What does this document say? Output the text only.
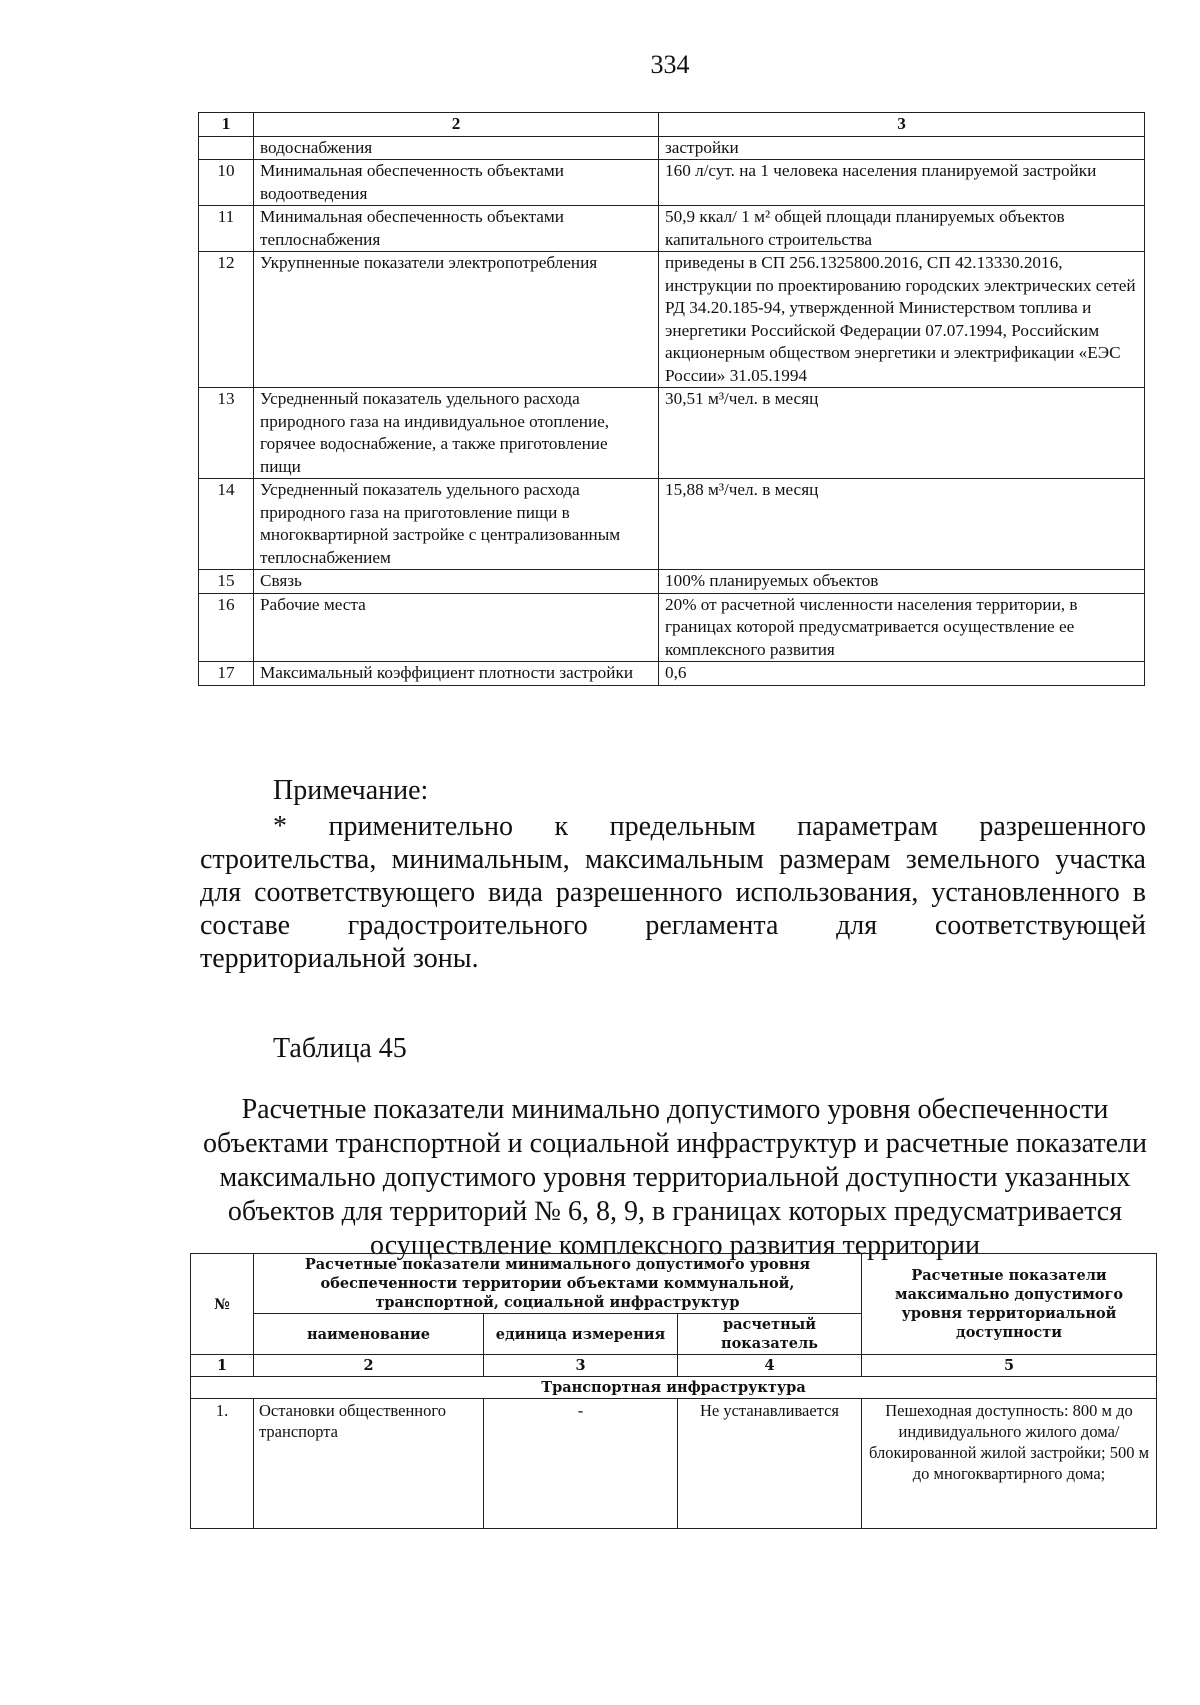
334
1	2	3
	водоснабжения	застройки
10	Минимальная обеспеченность объектами водоотведения	160 л/сут. на 1 человека населения планируемой застройки
11	Минимальная обеспеченность объектами теплоснабжения	50,9 ккал/ 1 м² общей площади планируемых объектов капитального строительства
12	Укрупненные показатели электропотребления	приведены в СП 256.1325800.2016, СП 42.13330.2016, инструкции по проектированию городских электрических сетей РД 34.20.185-94, утвержденной Министерством топлива и энергетики Российской Федерации 07.07.1994, Российским акционерным обществом энергетики и электрификации «ЕЭС России» 31.05.1994
13	Усредненный показатель удельного расхода природного газа на индивидуальное отопление, горячее водоснабжение, а также приготовление пищи	30,51 м³/чел. в месяц
14	Усредненный показатель удельного расхода природного газа на приготовление пищи в многоквартирной застройке с централизованным теплоснабжением	15,88 м³/чел. в месяц
15	Связь	100% планируемых объектов
16	Рабочие места	20% от расчетной численности населения территории, в границах которой предусматривается осуществление ее комплексного развития
17	Максимальный коэффициент плотности застройки	0,6
Примечание:
* применительно к предельным параметрам разрешенного
строительства, минимальным, максимальным размерам земельного участка для соответствующего вида разрешенного использования, установленного в составе градостроительного регламента для соответствующей территориальной зоны.
Таблица 45
Расчетные показатели минимально допустимого уровня обеспеченности объектами транспортной и социальной инфраструктур и расчетные показатели максимально допустимого уровня территориальной доступности указанных объектов для территорий № 6, 8, 9, в границах которых предусматривается осуществление комплексного развития территории
№	Расчетные показатели минимального допустимого уровня обеспеченности территории объектами коммунальной, транспортной, социальной инфраструктур			Расчетные показатели максимально допустимого уровня территориальной доступности
	наименование	единица измерения	расчетный показатель	
1	2	3	4	5
Транспортная инфраструктура				
1.	Остановки общественного транспорта	-	Не устанавливается	Пешеходная доступность: 800 м до индивидуального жилого дома/блокированной жилой застройки; 500 м до многоквартирного дома;
